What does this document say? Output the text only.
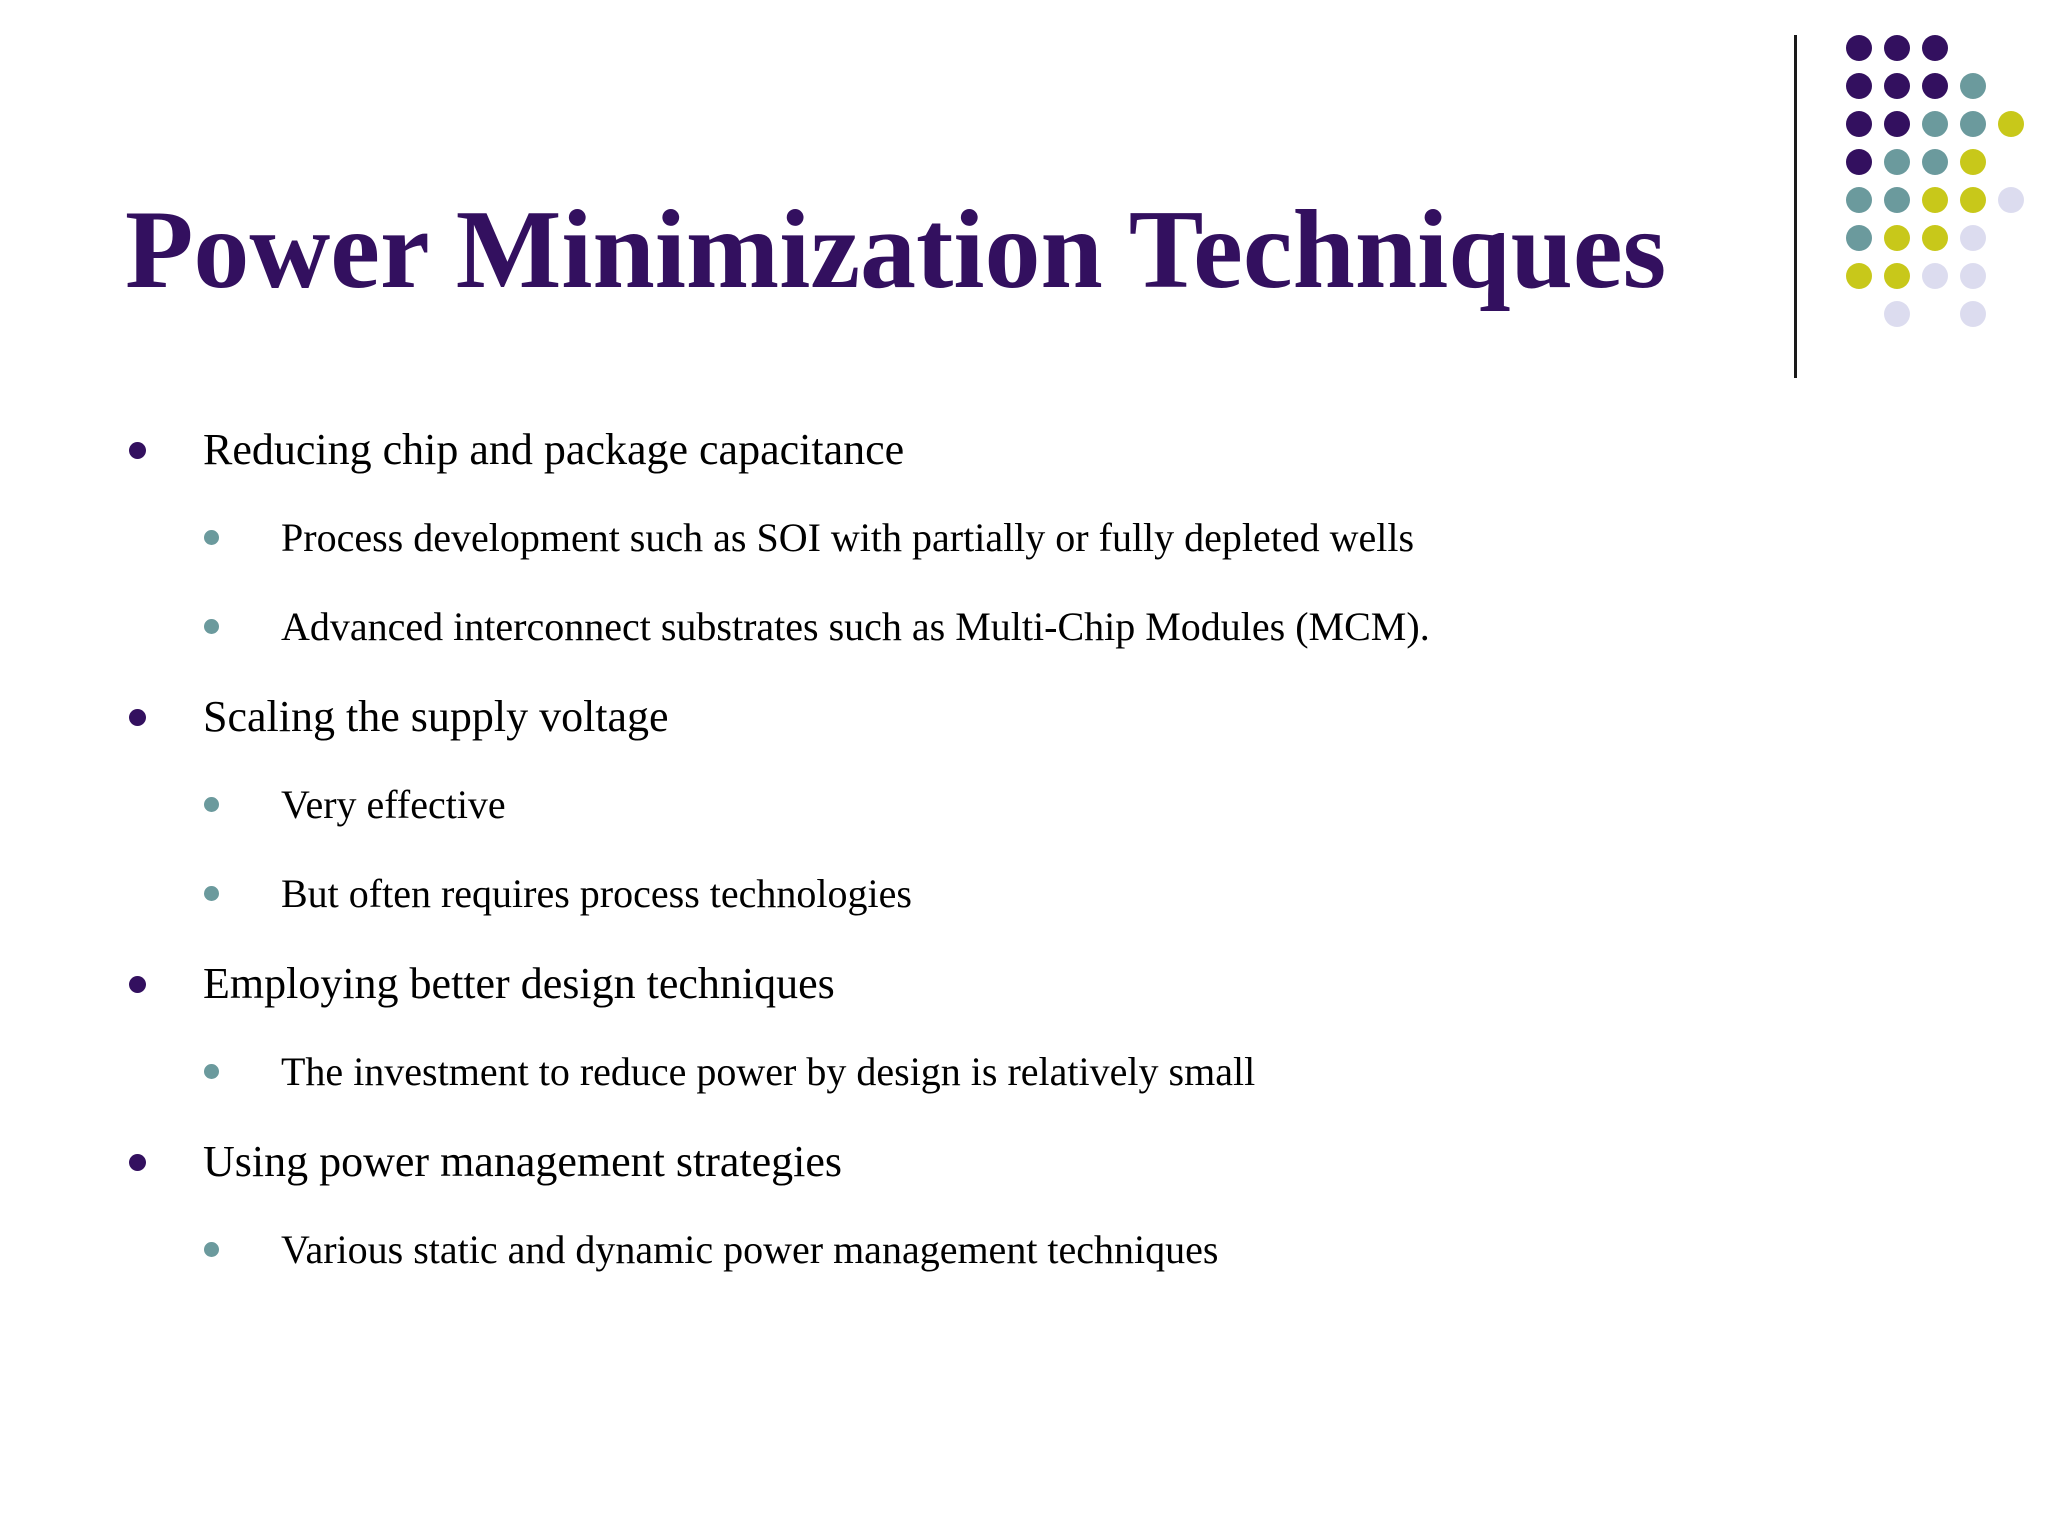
Power Minimization Techniques
Reducing chip and package capacitance
Process development such as SOI with partially or fully depleted wells
Advanced interconnect substrates such as Multi-Chip Modules (MCM).
Scaling the supply voltage
Very effective
But often requires process technologies
Employing better design techniques
The investment to reduce power by design is relatively small
Using power management strategies
Various static and dynamic power management techniques
